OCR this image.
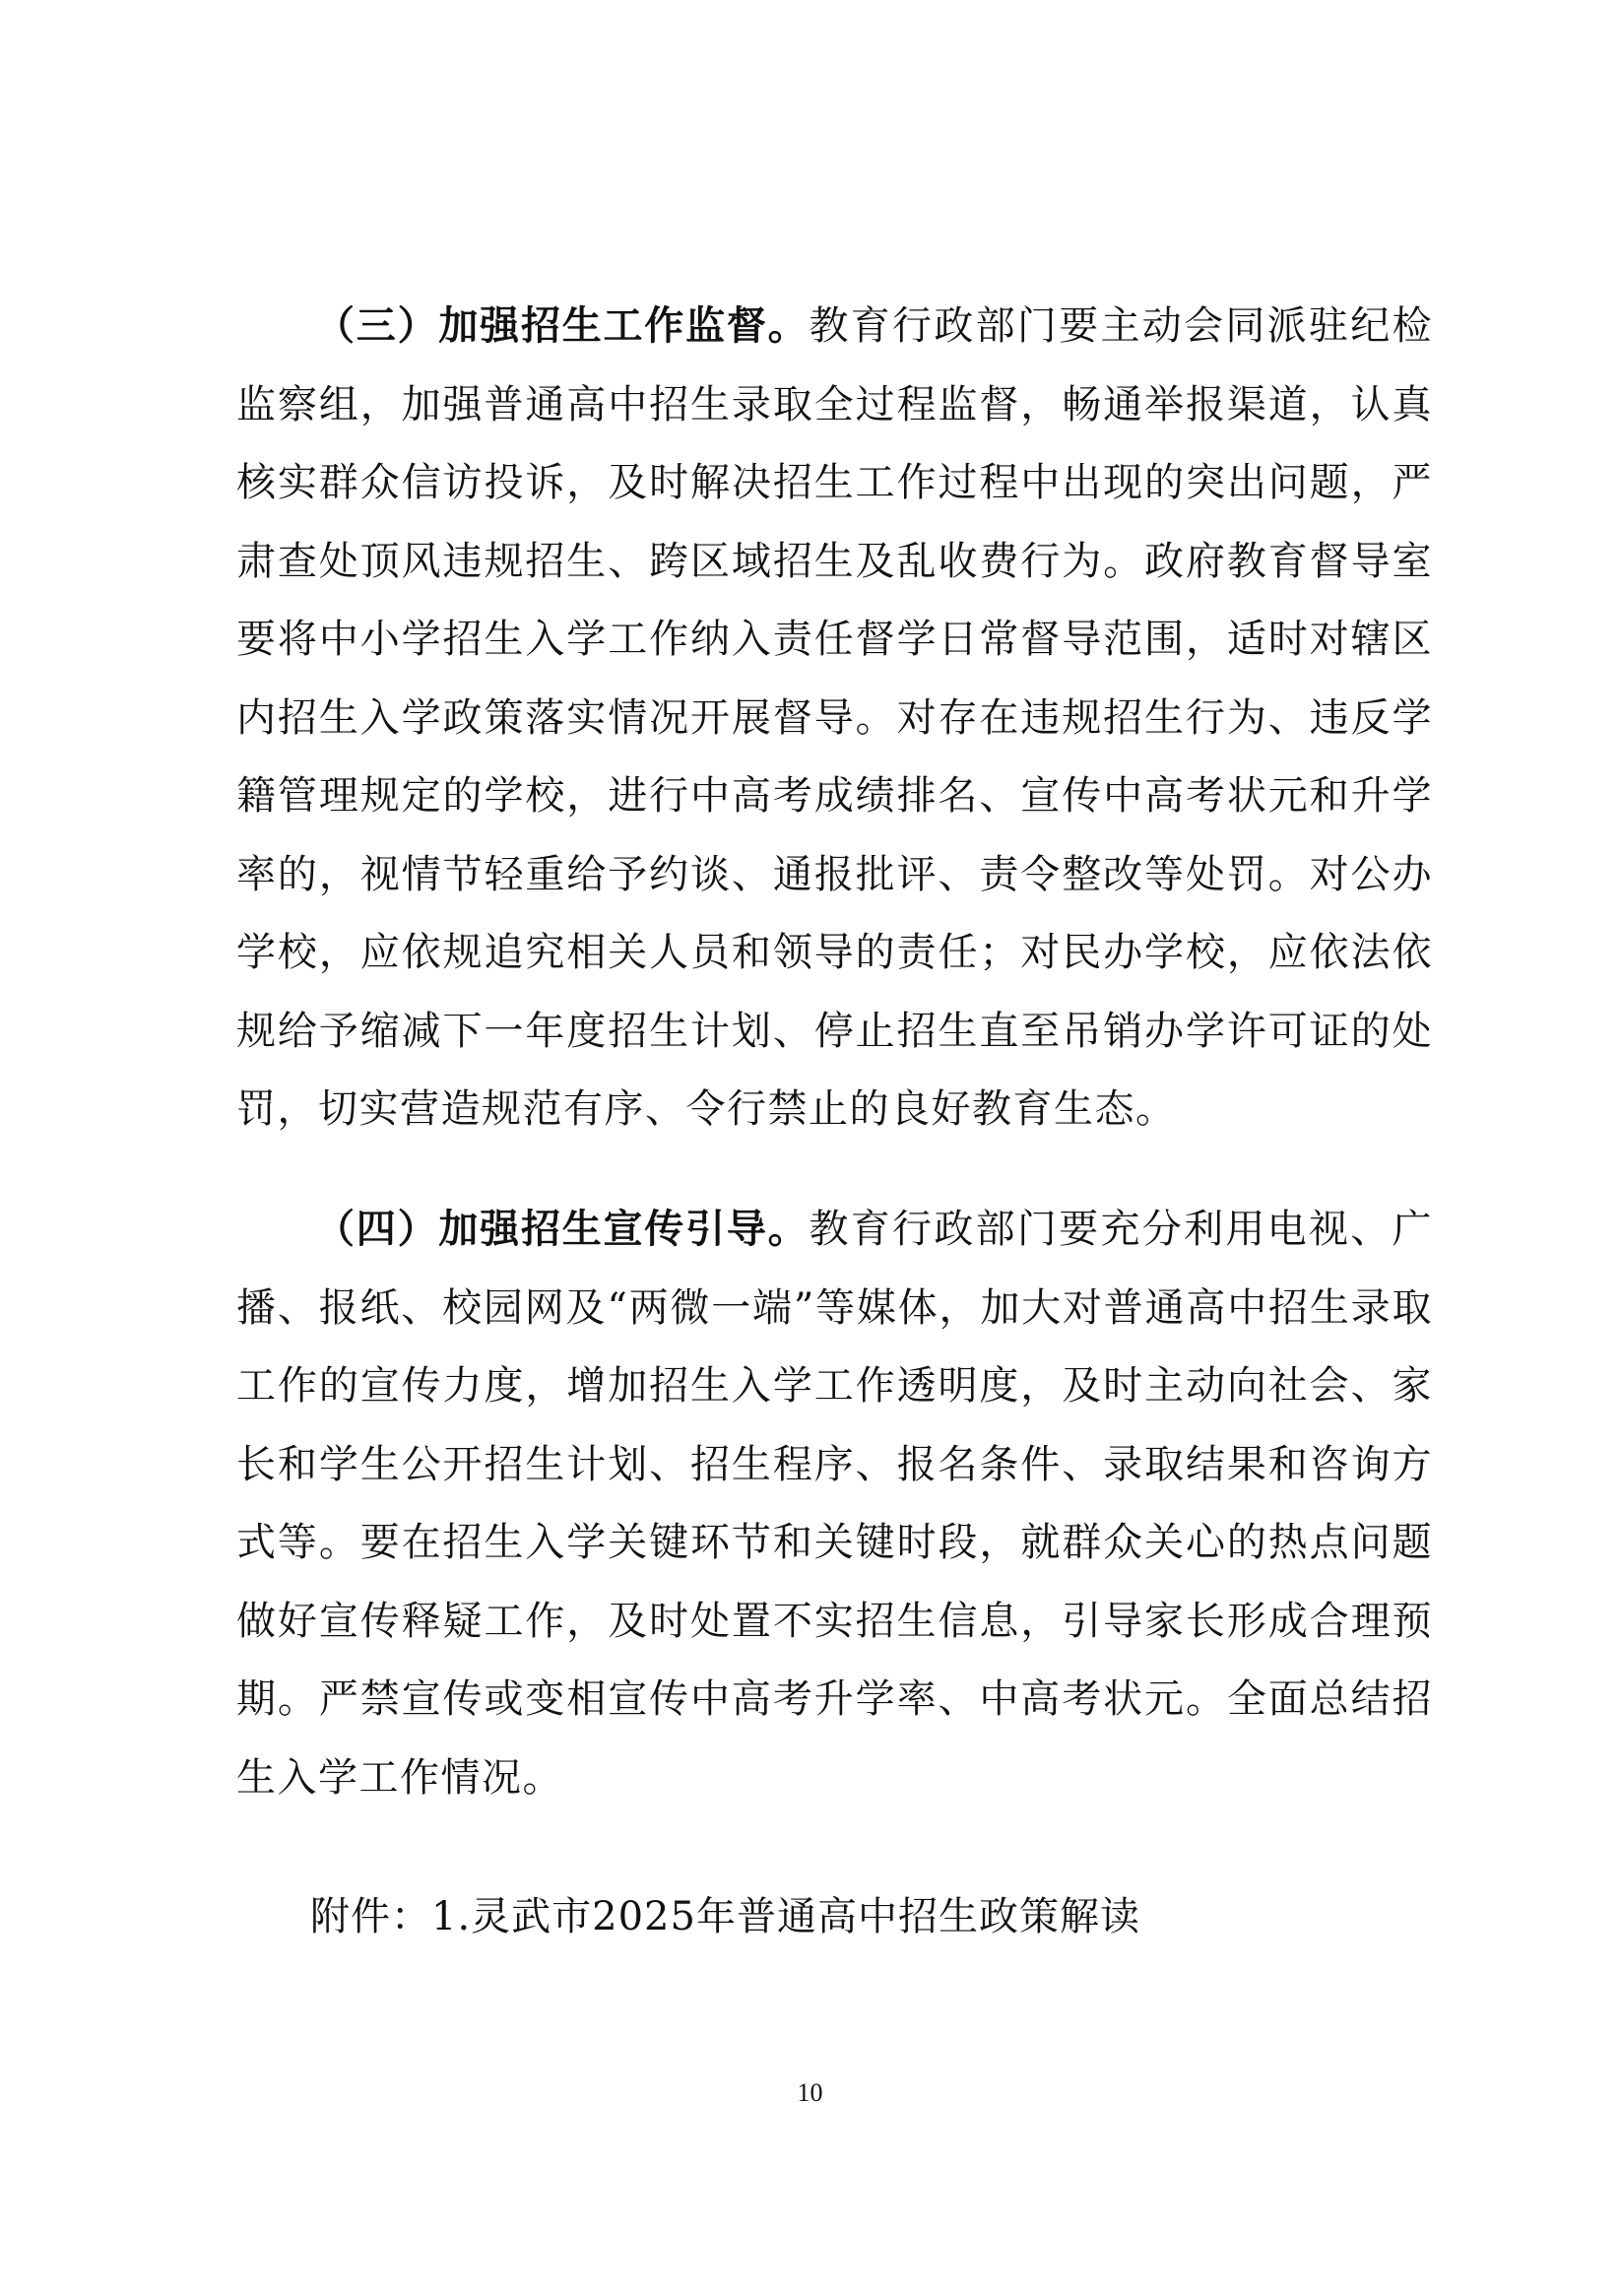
（三）加强招生工作监督。教育行政部门要主动会同派驻纪检监察组，加强普通高中招生录取全过程监督，畅通举报渠道，认真核实群众信访投诉，及时解决招生工作过程中出现的突出问题，严肃查处顶风违规招生、跨区域招生及乱收费行为。政府教育督导室要将中小学招生入学工作纳入责任督学日常督导范围，适时对辖区内招生入学政策落实情况开展督导。对存在违规招生行为、违反学籍管理规定的学校，进行中高考成绩排名、宣传中高考状元和升学率的，视情节轻重给予约谈、通报批评、责令整改等处罚。对公办学校，应依规追究相关人员和领导的责任；对民办学校，应依法依规给予缩减下一年度招生计划、停止招生直至吊销办学许可证的处罚，切实营造规范有序、令行禁止的良好教育生态。

（四）加强招生宣传引导。教育行政部门要充分利用电视、广播、报纸、校园网及“两微一端”等媒体，加大对普通高中招生录取工作的宣传力度，增加招生入学工作透明度，及时主动向社会、家长和学生公开招生计划、招生程序、报名条件、录取结果和咨询方式等。要在招生入学关键环节和关键时段，就群众关心的热点问题做好宣传释疑工作，及时处置不实招生信息，引导家长形成合理预期。严禁宣传或变相宣传中高考升学率、中高考状元。全面总结招生入学工作情况。

附件：1.灵武市2025年普通高中招生政策解读
10
